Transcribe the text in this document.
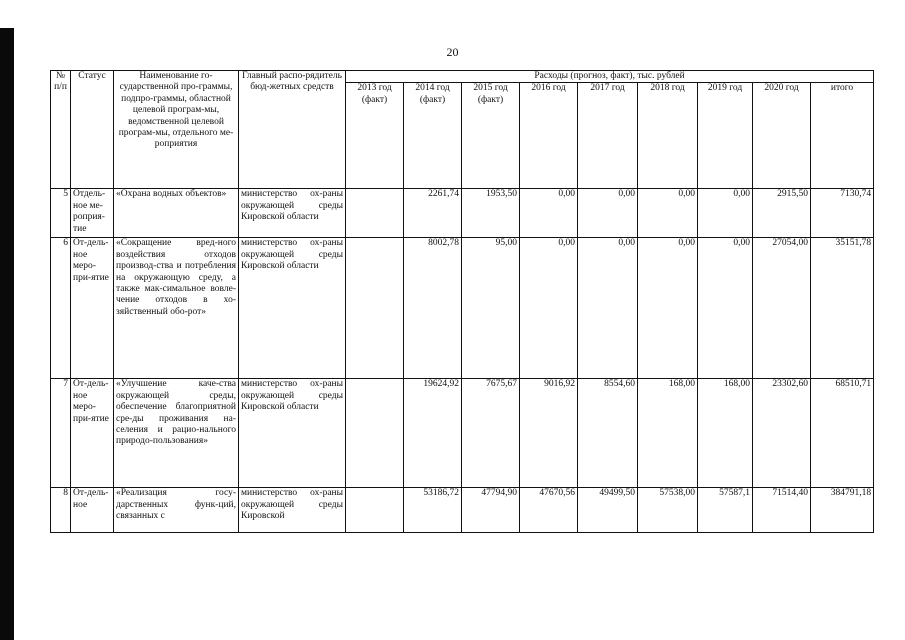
20
№ п/п	Статус	Наименование го-сударственной про-граммы, подпро-граммы, областной целевой програм-мы, ведомственной целевой програм-мы, отдельного ме-роприятия	Главный распо-рядитель бюд-жетных средств	Расходы (прогноз, факт), тыс. рублей								
				2013 год (факт)	2014 год (факт)	2015 год (факт)	2016 год	2017 год	2018 год	2019 год	2020 год	итого
5	Отдель-ное ме-роприя-тие	«Охрана водных объектов»	министерство ох-раны окружающей среды Кировской области		2261,74	1953,50	0,00	0,00	0,00	0,00	2915,50	7130,74
6	От-дель-ное меро-при-ятие	«Сокращение вред-ного воздействия отходов производ-ства и потребления на окружающую среду, а также мак-симальное вовле-чение отходов в хо-зяйственный обо-рот»	министерство ох-раны окружающей среды Кировской области		8002,78	95,00	0,00	0,00	0,00	0,00	27054,00	35151,78
7	От-дель-ное меро-при-ятие	«Улучшение каче-ства окружающей среды, обеспечение благоприятной сре-ды проживания на-селения и рацио-нального природо-пользования»	министерство ох-раны окружающей среды Кировской области		19624,92	7675,67	9016,92	8554,60	168,00	168,00	23302,60	68510,71
8	От-дель-ное	«Реализация госу-дарственных функ-ций, связанных с	министерство ох-раны окружающей среды Кировской		53186,72	47794,90	47670,56	49499,50	57538,00	57587,1	71514,40	384791,18
